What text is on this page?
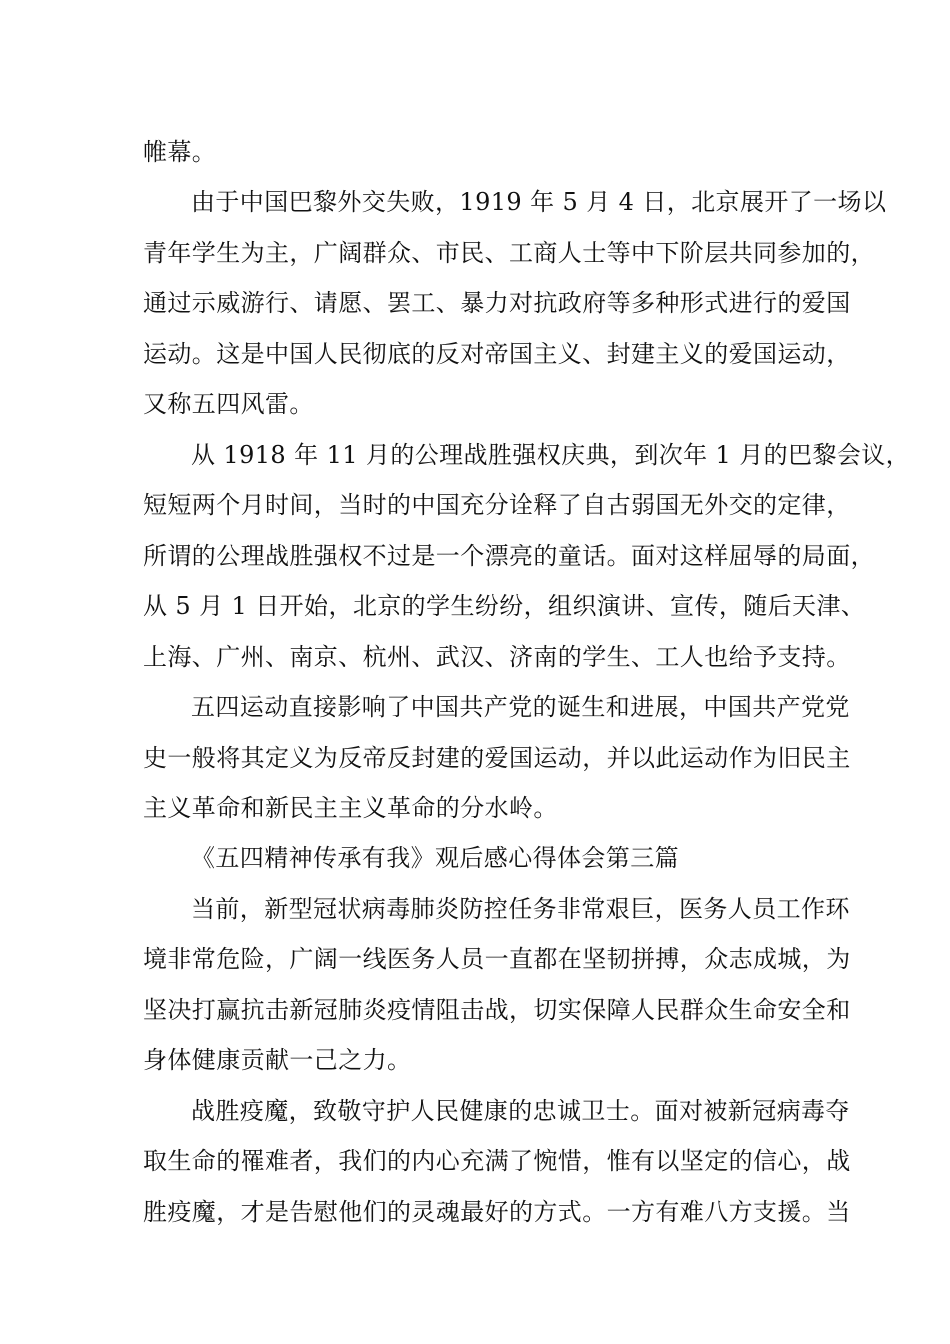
帷幕。
由于中国巴黎外交失败，1919 年 5 月 4 日，北京展开了一场以
青年学生为主，广阔群众、市民、工商人士等中下阶层共同参加的，
通过示威游行、请愿、罢工、暴力对抗政府等多种形式进行的爱国
运动。这是中国人民彻底的反对帝国主义、封建主义的爱国运动，
又称五四风雷。
从 1918 年 11 月的公理战胜强权庆典，到次年 1 月的巴黎会议，
短短两个月时间，当时的中国充分诠释了自古弱国无外交的定律，
所谓的公理战胜强权不过是一个漂亮的童话。面对这样屈辱的局面，
从 5 月 1 日开始，北京的学生纷纷，组织演讲、宣传，随后天津、
上海、广州、南京、杭州、武汉、济南的学生、工人也给予支持。
五四运动直接影响了中国共产党的诞生和进展，中国共产党党
史一般将其定义为反帝反封建的爱国运动，并以此运动作为旧民主
主义革命和新民主主义革命的分水岭。
《五四精神传承有我》观后感心得体会第三篇
当前，新型冠状病毒肺炎防控任务非常艰巨，医务人员工作环
境非常危险，广阔一线医务人员一直都在坚韧拼搏，众志成城，为
坚决打赢抗击新冠肺炎疫情阻击战，切实保障人民群众生命安全和
身体健康贡献一己之力。
战胜疫魔，致敬守护人民健康的忠诚卫士。面对被新冠病毒夺
取生命的罹难者，我们的内心充满了惋惜，惟有以坚定的信心，战
胜疫魔，才是告慰他们的灵魂最好的方式。一方有难八方支援。当
